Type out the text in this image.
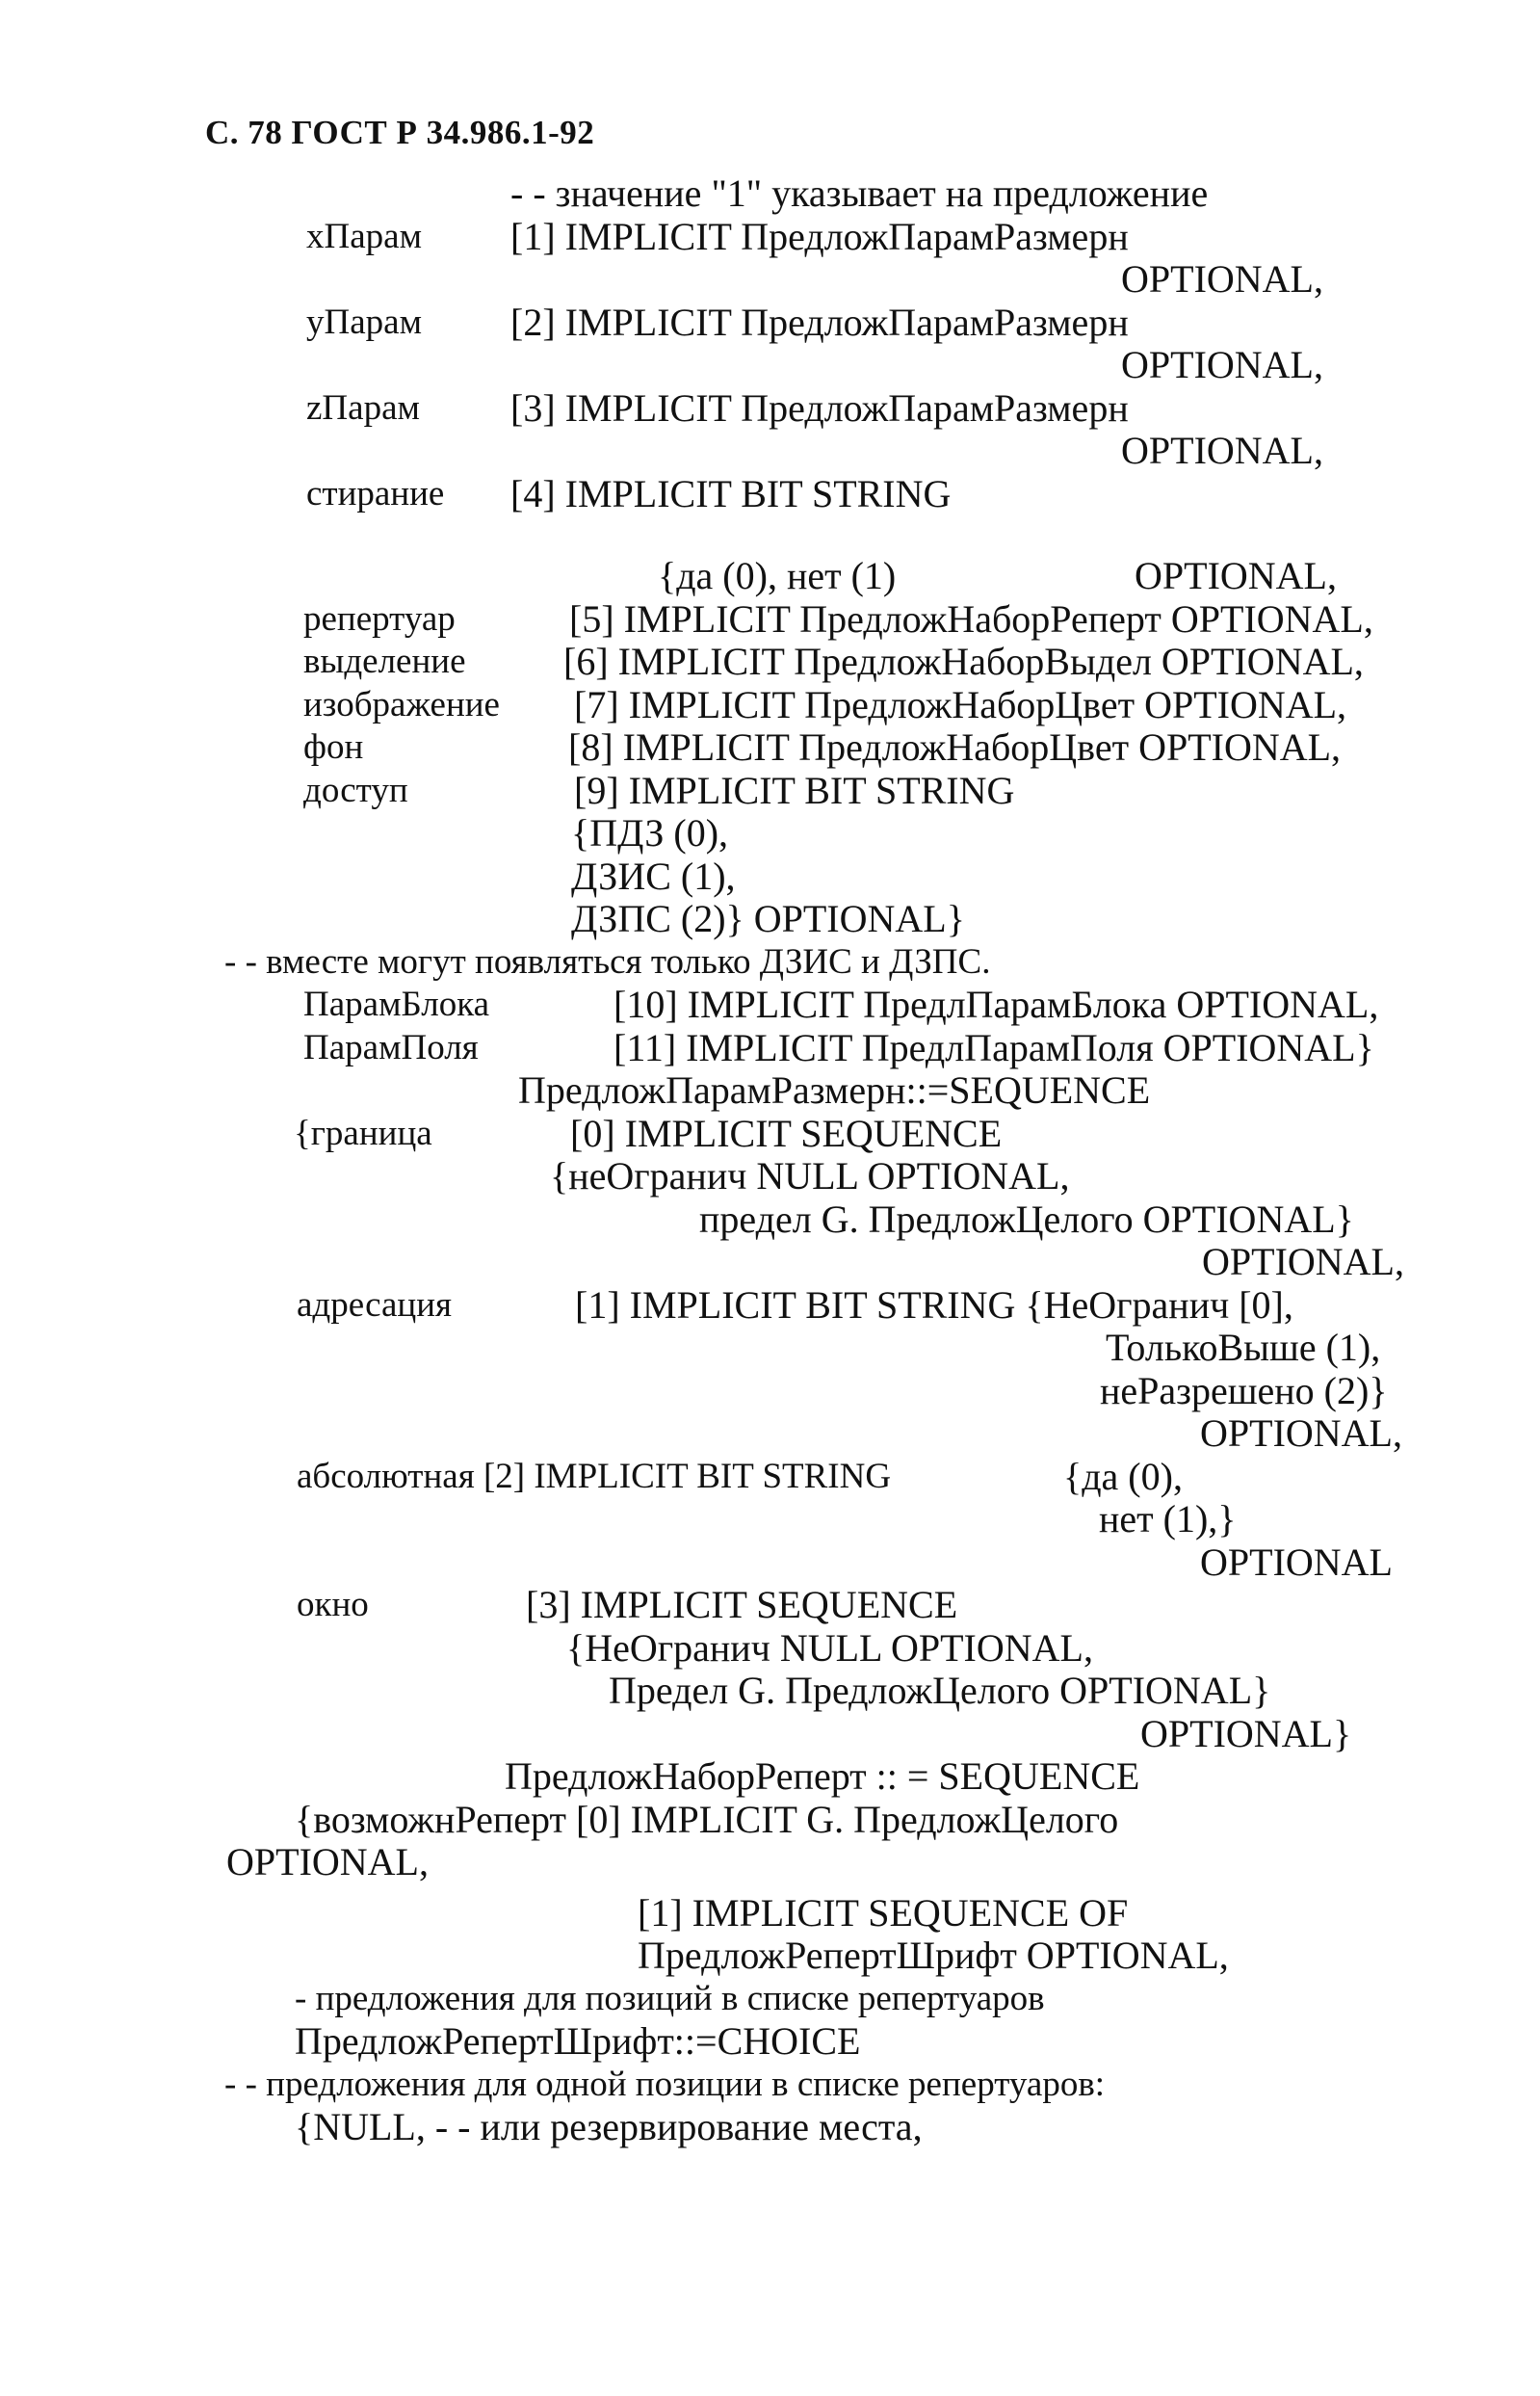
С. 78 ГОСТ Р 34.986.1-92
- - значение "1" указывает на предложение
хПарам [1] IMPLICIT ПредложПарамРазмерн
OPTIONAL,
уПарам [2] IMPLICIT ПредложПарамРазмерн
OPTIONAL,
zПарам [3] IMPLICIT ПредложПарамРазмерн
OPTIONAL,
стирание [4] IMPLICIT BIT STRING
{да (0), нет (1)	OPTIONAL,
репертуар	[5] IMPLICIT ПредложНаборРеперт OPTIONAL,
выделение	[6] IMPLICIT ПредложНаборВыдел OPTIONAL,
изображение [7] IMPLICIT ПредложНаборЦвет OPTIONAL,
фон	[8] IMPLICIT ПредложНаборЦвет OPTIONAL,
доступ	[9] IMPLICIT BIT STRING
{ПДЗ (0),
ДЗИС (1),
ДЗПС (2)} OPTIONAL}
- - вместе могут появляться только ДЗИС и ДЗПС.
ПарамБлока	[10] IMPLICIT ПредлПарамБлока OPTIONAL,
ПарамПоля	[11] IMPLICIT ПредлПарамПоля OPTIONAL}
ПредложПарамРазмерн::=SEQUENCE
{граница	[0] IMPLICIT SEQUENCE
{неОгранич NULL OPTIONAL,
предел G. ПредложЦелого OPTIONAL}
OPTIONAL,
адресация	[1] IMPLICIT BIT STRING {НеОгранич [0],
ТолькоВыше (1),
неРазрешено (2)}
OPTIONAL,
абсолютная [2] IMPLICIT BIT STRING	{да (0),
нет (1),}
OPTIONAL
окно	[3] IMPLICIT SEQUENCE
{НеОгранич NULL OPTIONAL,
Предел G. ПредложЦелого OPTIONAL}
OPTIONAL}
ПредложНаборРеперт :: = SEQUENCE
{возможнРеперт [0] IMPLICIT G. ПредложЦелого
OPTIONAL,
[1] IMPLICIT SEQUENCE OF
ПредложРепертШрифт OPTIONAL,
- предложения для позиций в списке репертуаров
ПредложРепертШрифт::=CHOICE
- - предложения для одной позиции в списке репертуаров:
{NULL, - - или резервирование места,
